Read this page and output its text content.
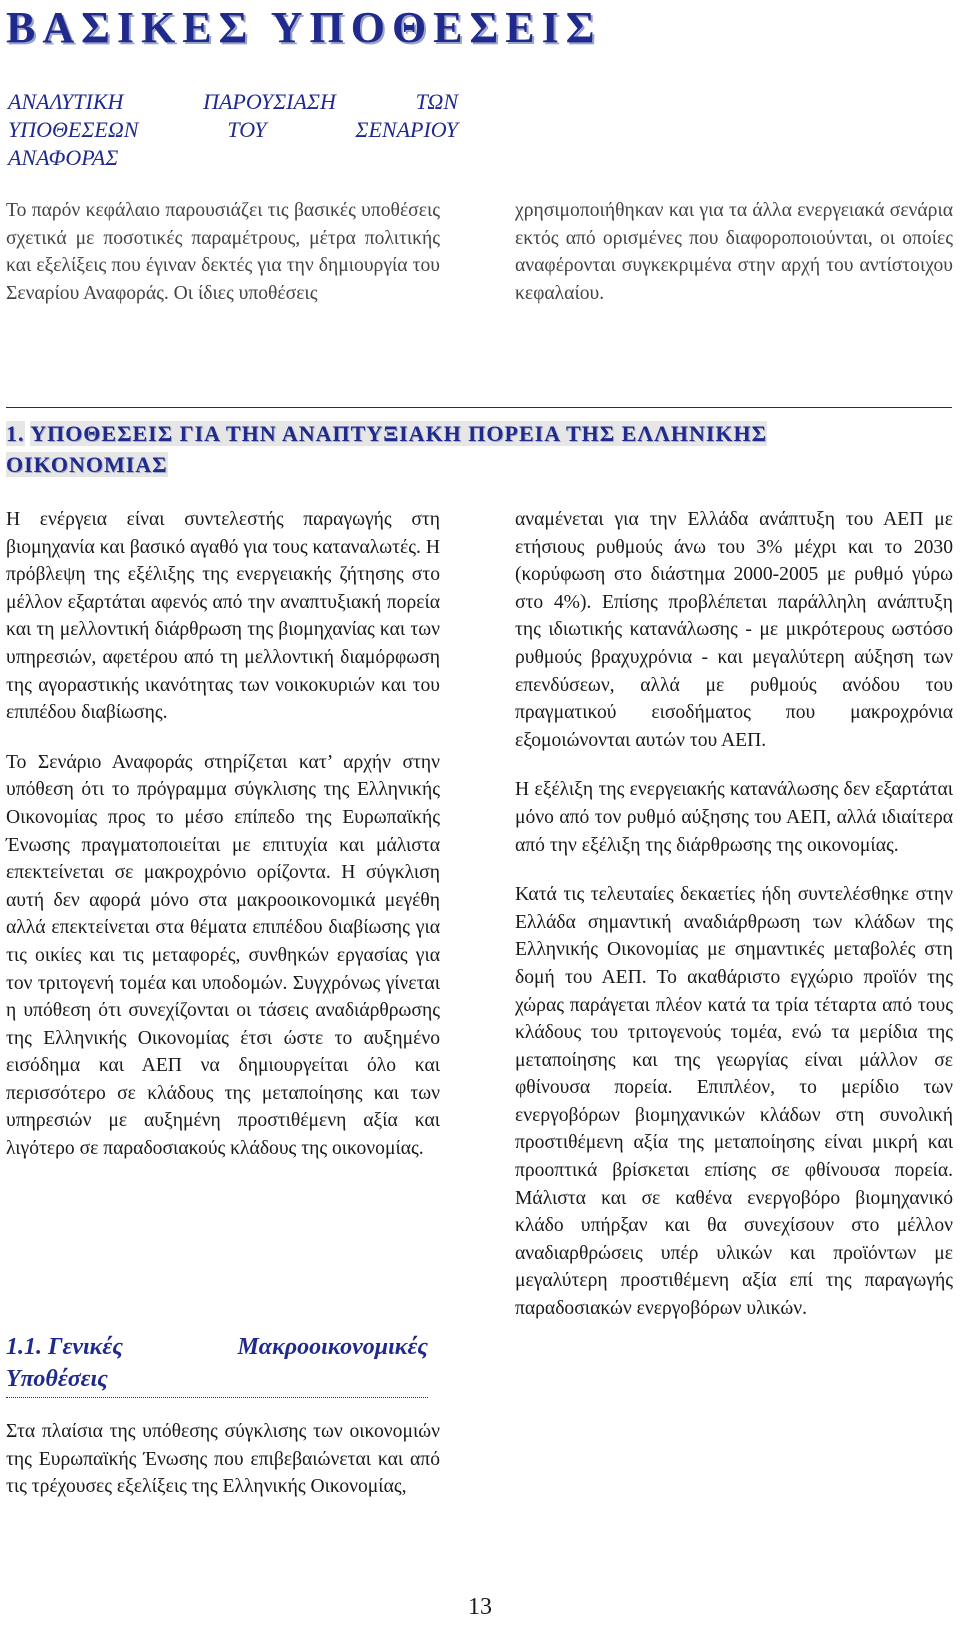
ΒΑΣΙΚΕΣ ΥΠΟΘΕΣΕΙΣ
ΑΝΑΛΥΤΙΚΗ ΠΑΡΟΥΣΙΑΣΗ ΤΩΝ
ΥΠΟΘΕΣΕΩΝ ΤΟΥ ΣΕΝΑΡΙΟΥ
ΑΝΑΦΟΡΑΣ

Το παρόν κεφάλαιο παρουσιάζει τις βασικές υποθέσεις σχετικά με ποσοτικές παραμέτρους, μέτρα πολιτικής και εξελίξεις που έγιναν δεκτές για την δημιουργία του Σεναρίου Αναφοράς. Οι ίδιες υποθέσεις

χρησιμοποιήθηκαν και για τα άλλα ενεργειακά σενάρια εκτός από ορισμένες που διαφοροποιούνται, οι οποίες αναφέρονται συγκεκριμένα στην αρχή του αντίστοιχου κεφαλαίου.

1. ΥΠΟΘΕΣΕΙΣ ΓΙΑ ΤΗΝ ΑΝΑΠΤΥΞΙΑΚΗ ΠΟΡΕΙΑ ΤΗΣ ΕΛΛΗΝΙΚΗΣ
ΟΙΚΟΝΟΜΙΑΣ

Η ενέργεια είναι συντελεστής παραγωγής στη βιομηχανία και βασικό αγαθό για τους καταναλωτές. Η πρόβλεψη της εξέλιξης της ενεργειακής ζήτησης στο μέλλον εξαρτάται αφενός από την αναπτυξιακή πορεία και τη μελλοντική διάρθρωση της βιομηχανίας και των υπηρεσιών, αφετέρου από τη μελλοντική διαμόρφωση της αγοραστικής ικανότητας των νοικοκυριών και του επιπέδου διαβίωσης.

Το Σενάριο Αναφοράς στηρίζεται κατ’ αρχήν στην υπόθεση ότι το πρόγραμμα σύγκλισης της Ελληνικής Οικονομίας προς το μέσο επίπεδο της Ευρωπαϊκής Ένωσης πραγματοποιείται με επιτυχία και μάλιστα επεκτείνεται σε μακροχρόνιο ορίζοντα. Η σύγκλιση αυτή δεν αφορά μόνο στα μακροοικονομικά μεγέθη αλλά επεκτείνεται στα θέματα επιπέδου διαβίωσης για τις οικίες και τις μεταφορές, συνθηκών εργασίας για τον τριτογενή τομέα και υποδομών. Συγχρόνως γίνεται η υπόθεση ότι συνεχίζονται οι τάσεις αναδιάρθρωσης της Ελληνικής Οικονομίας έτσι ώστε το αυξημένο εισόδημα και ΑΕΠ να δημιουργείται όλο και περισσότερο σε κλάδους της μεταποίησης και των υπηρεσιών με αυξημένη προστιθέμενη αξία και λιγότερο σε παραδοσιακούς κλάδους της οικονομίας.

1.1. Γενικές	Μακροοικονομικές
Υποθέσεις

Στα πλαίσια της υπόθεσης σύγκλισης των οικονομιών της Ευρωπαϊκής Ένωσης που επιβεβαιώνεται και από τις τρέχουσες εξελίξεις της Ελληνικής Οικονομίας,

αναμένεται για την Ελλάδα ανάπτυξη του ΑΕΠ με ετήσιους ρυθμούς άνω του 3% μέχρι και το 2030 (κορύφωση στο διάστημα 2000-2005 με ρυθμό γύρω στο 4%). Επίσης προβλέπεται παράλληλη ανάπτυξη της ιδιωτικής κατανάλωσης - με μικρότερους ωστόσο ρυθμούς βραχυχρόνια - και μεγαλύτερη αύξηση των επενδύσεων, αλλά με ρυθμούς ανόδου του πραγματικού εισοδήματος που μακροχρόνια εξομοιώνονται αυτών του ΑΕΠ.

Η εξέλιξη της ενεργειακής κατανάλωσης δεν εξαρτάται μόνο από τον ρυθμό αύξησης του ΑΕΠ, αλλά ιδιαίτερα από την εξέλιξη της διάρθρωσης της οικονομίας.

Κατά τις τελευταίες δεκαετίες ήδη συντελέσθηκε στην Ελλάδα σημαντική αναδιάρθρωση των κλάδων της Ελληνικής Οικονομίας με σημαντικές μεταβολές στη δομή του ΑΕΠ. Το ακαθάριστο εγχώριο προϊόν της χώρας παράγεται πλέον κατά τα τρία τέταρτα από τους κλάδους του τριτογενούς τομέα, ενώ τα μερίδια της μεταποίησης και της γεωργίας είναι μάλλον σε φθίνουσα πορεία. Επιπλέον, το μερίδιο των ενεργοβόρων βιομηχανικών κλάδων στη συνολική προστιθέμενη αξία της μεταποίησης είναι μικρή και προοπτικά βρίσκεται επίσης σε φθίνουσα πορεία. Μάλιστα και σε καθένα ενεργοβόρο βιομηχανικό κλάδο υπήρξαν και θα συνεχίσουν στο μέλλον αναδιαρθρώσεις υπέρ υλικών και προϊόντων με μεγαλύτερη προστιθέμενη αξία επί της παραγωγής παραδοσιακών ενεργοβόρων υλικών.

13
